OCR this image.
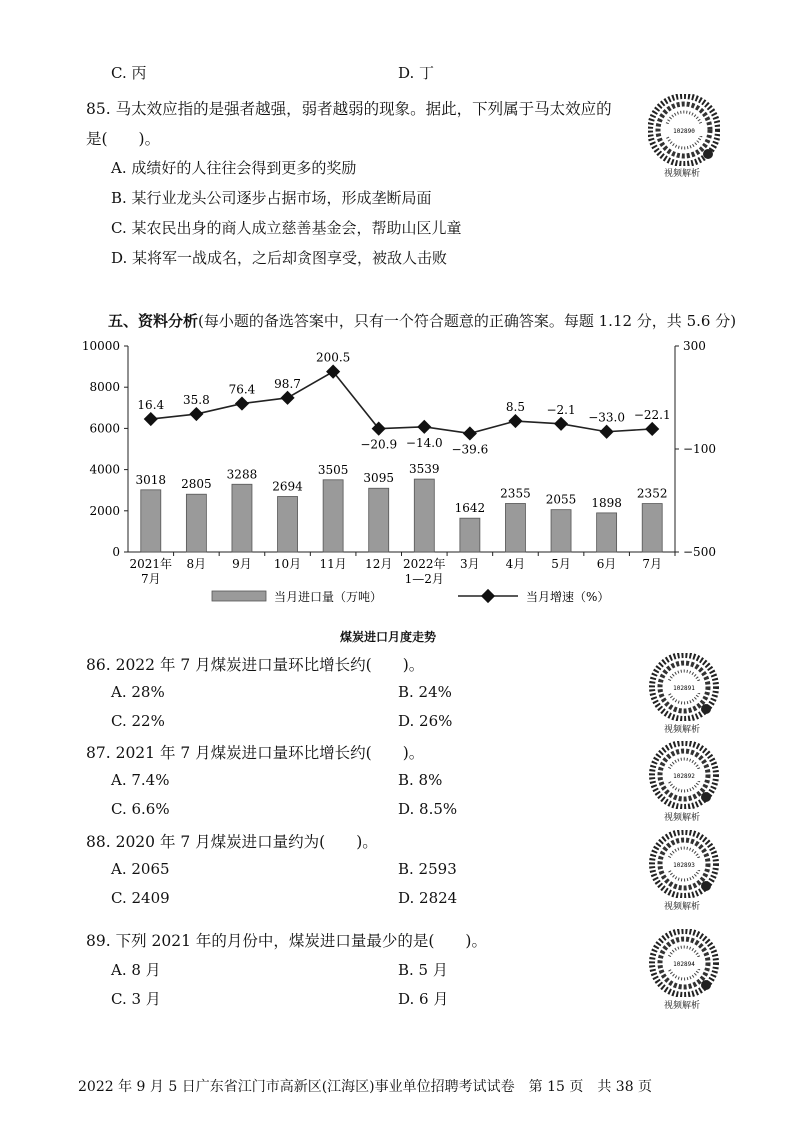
C. 丙	D. 丁
85. 马太效应指的是强者越强，弱者越弱的现象。据此，下列属于马太效应的
是(　　)。
A. 成绩好的人往往会得到更多的奖励
B. 某行业龙头公司逐步占据市场，形成垄断局面
C. 某农民出身的商人成立慈善基金会，帮助山区儿童
D. 某将军一战成名，之后却贪图享受，被敌人击败
102890
视频解析
五、资料分析(每小题的备选答案中，只有一个符合题意的正确答案。每题 1.12 分，共 5.6 分)
0
2000
4000
6000
8000
10000	300
−100
−500
2021年 7月
8月 9月 10月 11月 12月 2022年 1—2月
3月 4月 5月 6月 7月
3018 2805
3288
2694
3505
3095
3539
1642
2355 2055 1898
2352
16.4 35.8
76.4 98.7
200.5
−20.9 −14.0 −39.6
8.5 −2.1
−33.0 −22.1
当月进口量（万吨）	当月增速（%）
煤炭进口月度走势
86. 2022 年 7 月煤炭进口量环比增长约(　　)。
A. 28%	B. 24%
C. 22%	D. 26%
102891
视频解析
87. 2021 年 7 月煤炭进口量环比增长约(　　)。
A. 7.4%	B. 8%
C. 6.6%	D. 8.5%
102892
视频解析
88. 2020 年 7 月煤炭进口量约为(　　)。
A. 2065	B. 2593
C. 2409	D. 2824
102893
视频解析
89. 下列 2021 年的月份中，煤炭进口量最少的是(　　)。
A. 8 月	B. 5 月
C. 3 月	D. 6 月
102894
视频解析
2022 年 9 月 5 日广东省江门市高新区(江海区)事业单位招聘考试试卷　第 15 页　共 38 页
